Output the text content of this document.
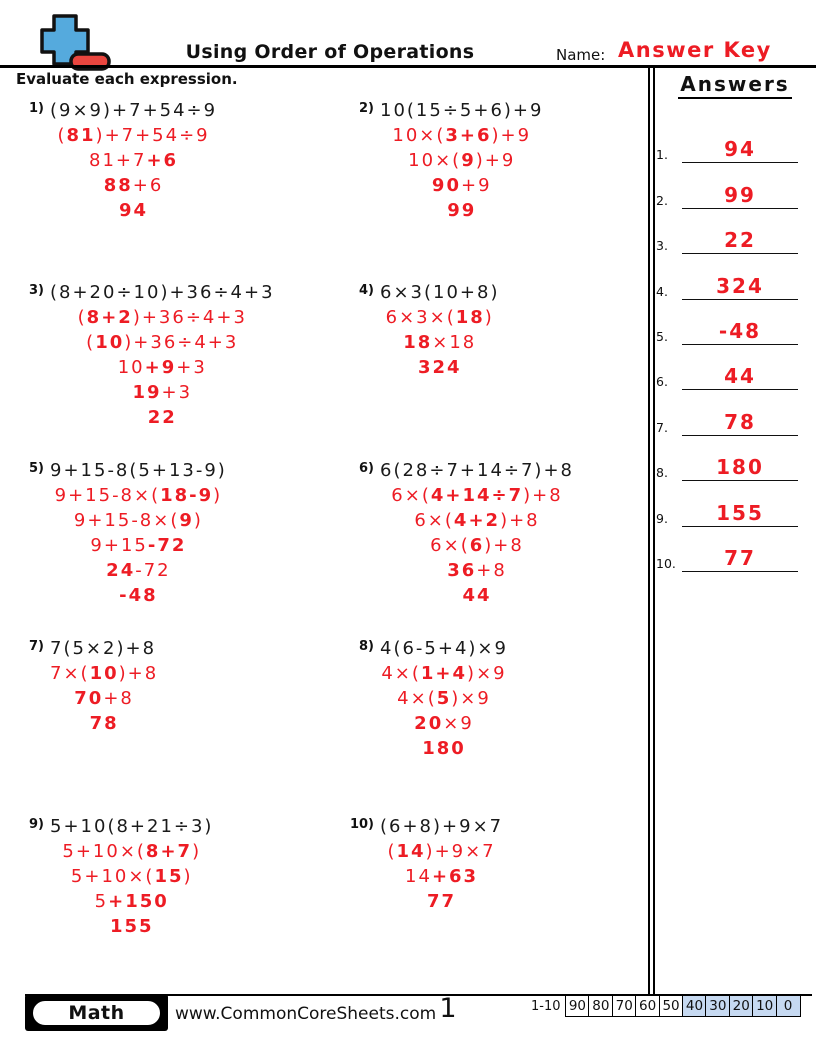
Using Order of Operations	Name: Answer Key
Evaluate each expression.
1) (9×9)+7+54÷9
(81)+7+54÷9
81+7+6
88+6
94
2) 10(15÷5+6)+9
10×(3+6)+9
10×(9)+9
90+9
99
3) (8+20÷10)+36÷4+3
(8+2)+36÷4+3
(10)+36÷4+3
10+9+3
19+3
22
4) 6×3(10+8)
6×3×(18)
18×18
324
5) 9+15-8(5+13-9)
9+15-8×(18-9)
9+15-8×(9)
9+15-72
24-72
-48
6) 6(28÷7+14÷7)+8
6×(4+14÷7)+8
6×(4+2)+8
6×(6)+8
36+8
44
7) 7(5×2)+8
7×(10)+8
70+8
78
8) 4(6-5+4)×9
4×(1+4)×9
4×(5)×9
20×9
180
9) 5+10(8+21÷3)
5+10×(8+7)
5+10×(15)
5+150
155
10) (6+8)+9×7
(14)+9×7
14+63
77
Answers
1.	94
2.	99
3.	22
4.	324
5.	-48
6.	44
7.	78
8.	180
9.	155
10.	77
Math	www.CommonCoreSheets.com 1	1-10 90 80 70 60 50 40 30 20 10 0
